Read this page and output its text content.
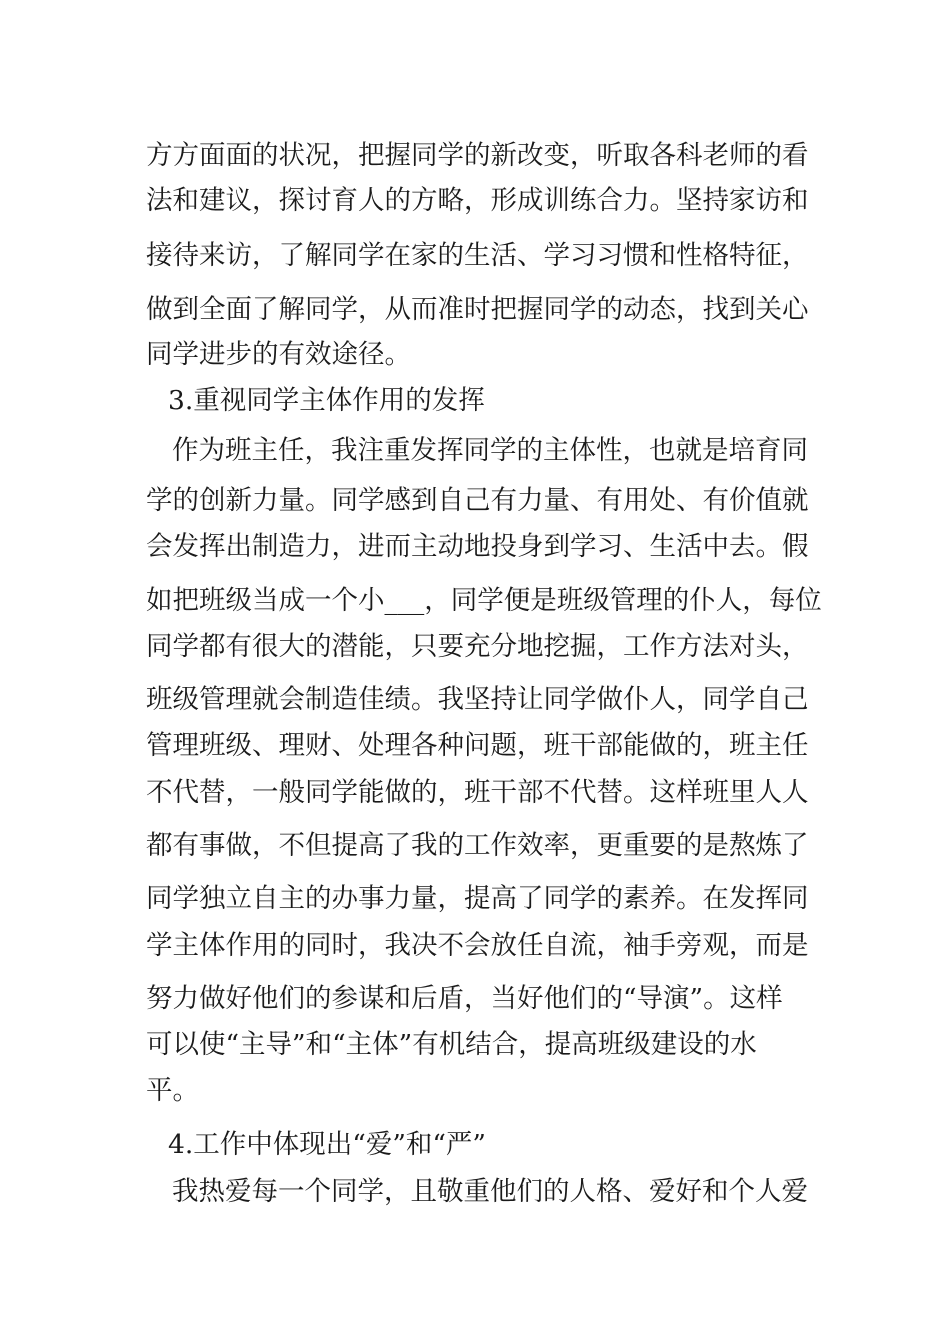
方方面面的状况，把握同学的新改变，听取各科老师的看
法和建议，探讨育人的方略，形成训练合力。坚持家访和
接待来访，了解同学在家的生活、学习习惯和性格特征，
做到全面了解同学，从而准时把握同学的动态，找到关心
同学进步的有效途径。
3.重视同学主体作用的发挥
作为班主任，我注重发挥同学的主体性，也就是培育同
学的创新力量。同学感到自己有力量、有用处、有价值就
会发挥出制造力，进而主动地投身到学习、生活中去。假
如把班级当成一个小___，同学便是班级管理的仆人，每位
同学都有很大的潜能，只要充分地挖掘，工作方法对头，
班级管理就会制造佳绩。我坚持让同学做仆人，同学自己
管理班级、理财、处理各种问题，班干部能做的，班主任
不代替，一般同学能做的，班干部不代替。这样班里人人
都有事做，不但提高了我的工作效率，更重要的是熬炼了
同学独立自主的办事力量，提高了同学的素养。在发挥同
学主体作用的同时，我决不会放任自流，袖手旁观，而是
努力做好他们的参谋和后盾，当好他们的“导演”。这样
可以使“主导”和“主体”有机结合，提高班级建设的水
平。
4.工作中体现出“爱”和“严”
我热爱每一个同学，且敬重他们的人格、爱好和个人爱
